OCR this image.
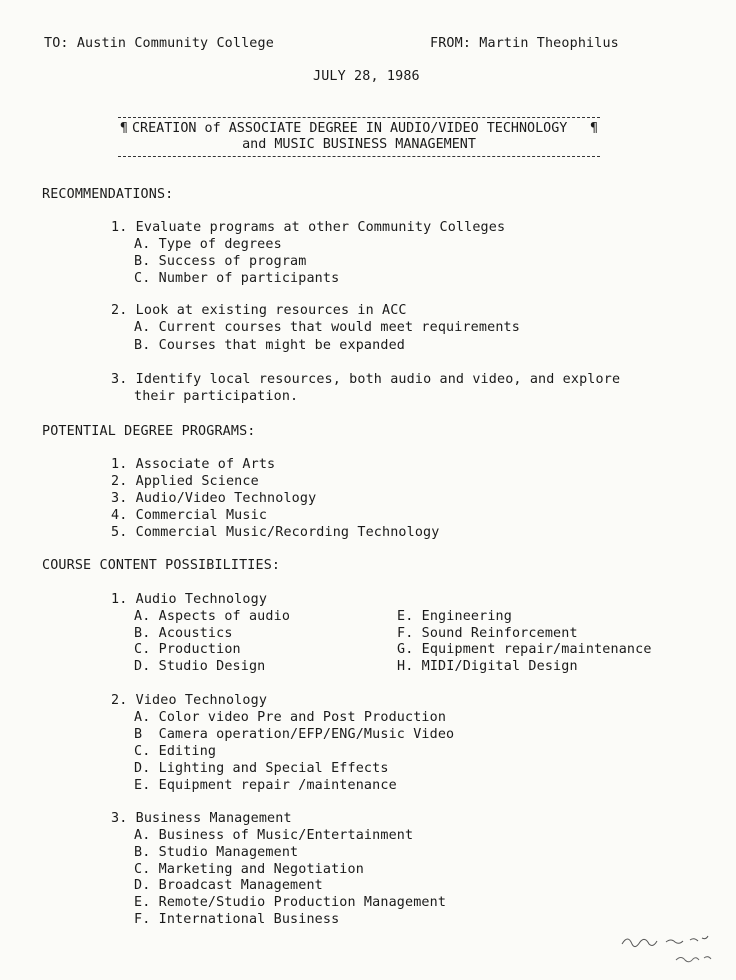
TO: Austin Community College	FROM: Martin Theophilus
JULY 28, 1986
¶	¶
CREATION of ASSOCIATE DEGREE IN AUDIO/VIDEO TECHNOLOGY
and MUSIC BUSINESS MANAGEMENT
RECOMMENDATIONS:
1. Evaluate programs at other Community Colleges
A. Type of degrees
B. Success of program
C. Number of participants
2. Look at existing resources in ACC
A. Current courses that would meet requirements
B. Courses that might be expanded
3. Identify local resources, both audio and video, and explore
their participation.
POTENTIAL DEGREE PROGRAMS:
1. Associate of Arts
2. Applied Science
3. Audio/Video Technology
4. Commercial Music
5. Commercial Music/Recording Technology
COURSE CONTENT POSSIBILITIES:
1. Audio Technology
A. Aspects of audio
B. Acoustics
C. Production
D. Studio Design
E. Engineering
F. Sound Reinforcement
G. Equipment repair/maintenance
H. MIDI/Digital Design
2. Video Technology
A. Color video Pre and Post Production
B  Camera operation/EFP/ENG/Music Video
C. Editing
D. Lighting and Special Effects
E. Equipment repair /maintenance
3. Business Management
A. Business of Music/Entertainment
B. Studio Management
C. Marketing and Negotiation
D. Broadcast Management
E. Remote/Studio Production Management
F. International Business
